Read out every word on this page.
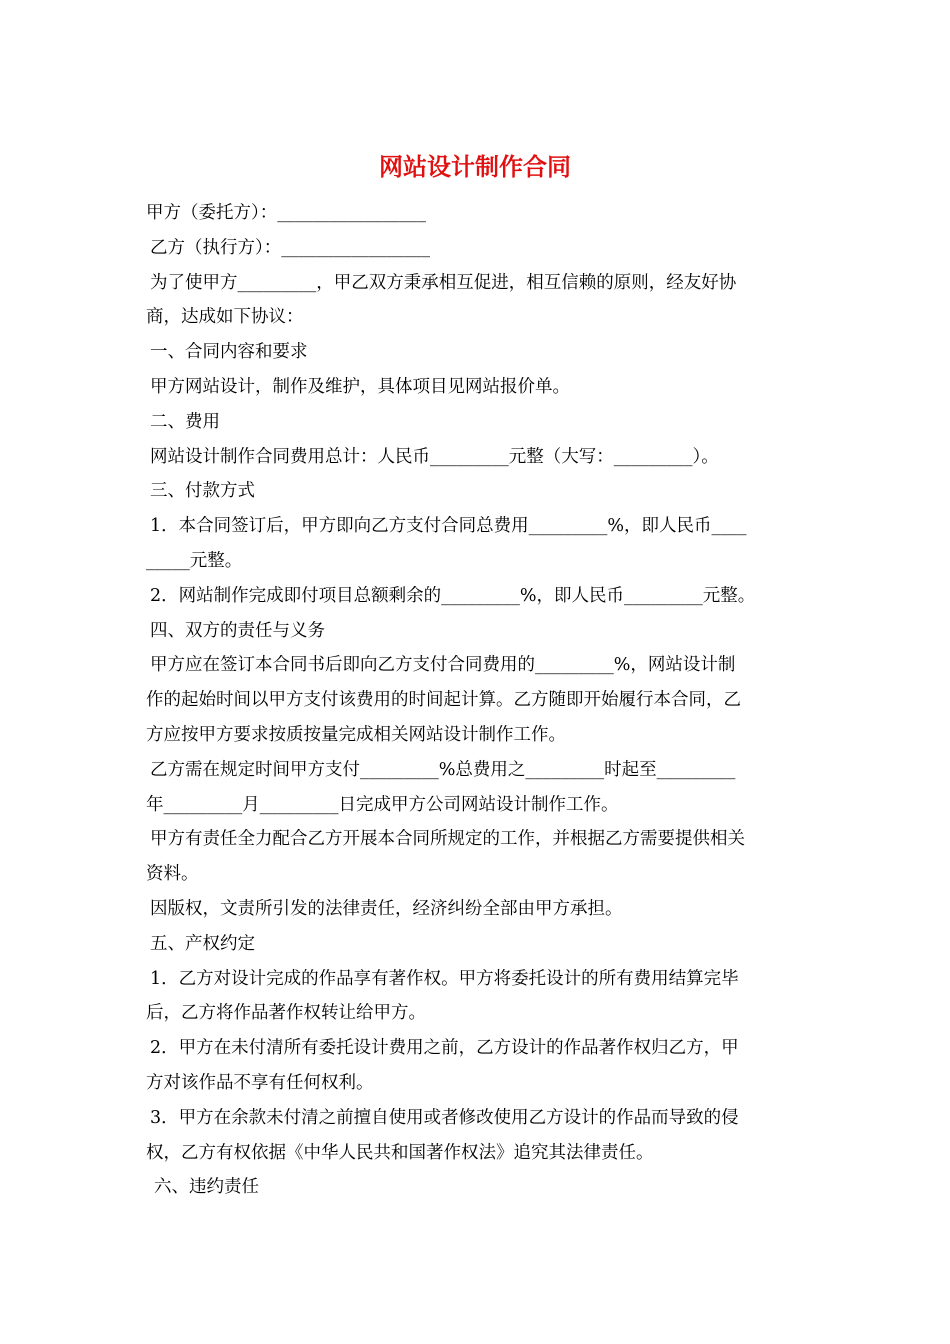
网站设计制作合同
甲方（委托方）：_________________
乙方（执行方）：_________________
为了使甲方_________，甲乙双方秉承相互促进，相互信赖的原则，经友好协
商，达成如下协议：
一、合同内容和要求
甲方网站设计，制作及维护，具体项目见网站报价单。
二、费用
网站设计制作合同费用总计：人民币_________元整（大写：_________）。
三、付款方式
1．本合同签订后，甲方即向乙方支付合同总费用_________%，即人民币____
_____元整。
2．网站制作完成即付项目总额剩余的_________%，即人民币_________元整。
四、双方的责任与义务
甲方应在签订本合同书后即向乙方支付合同费用的_________%，网站设计制
作的起始时间以甲方支付该费用的时间起计算。乙方随即开始履行本合同，乙
方应按甲方要求按质按量完成相关网站设计制作工作。
乙方需在规定时间甲方支付_________%总费用之_________时起至_________
年_________月_________日完成甲方公司网站设计制作工作。
甲方有责任全力配合乙方开展本合同所规定的工作，并根据乙方需要提供相关
资料。
因版权，文责所引发的法律责任，经济纠纷全部由甲方承担。
五、产权约定
1．乙方对设计完成的作品享有著作权。甲方将委托设计的所有费用结算完毕
后，乙方将作品著作权转让给甲方。
2．甲方在未付清所有委托设计费用之前，乙方设计的作品著作权归乙方，甲
方对该作品不享有任何权利。
3．甲方在余款未付清之前擅自使用或者修改使用乙方设计的作品而导致的侵
权，乙方有权依据《中华人民共和国著作权法》追究其法律责任。
六、违约责任
